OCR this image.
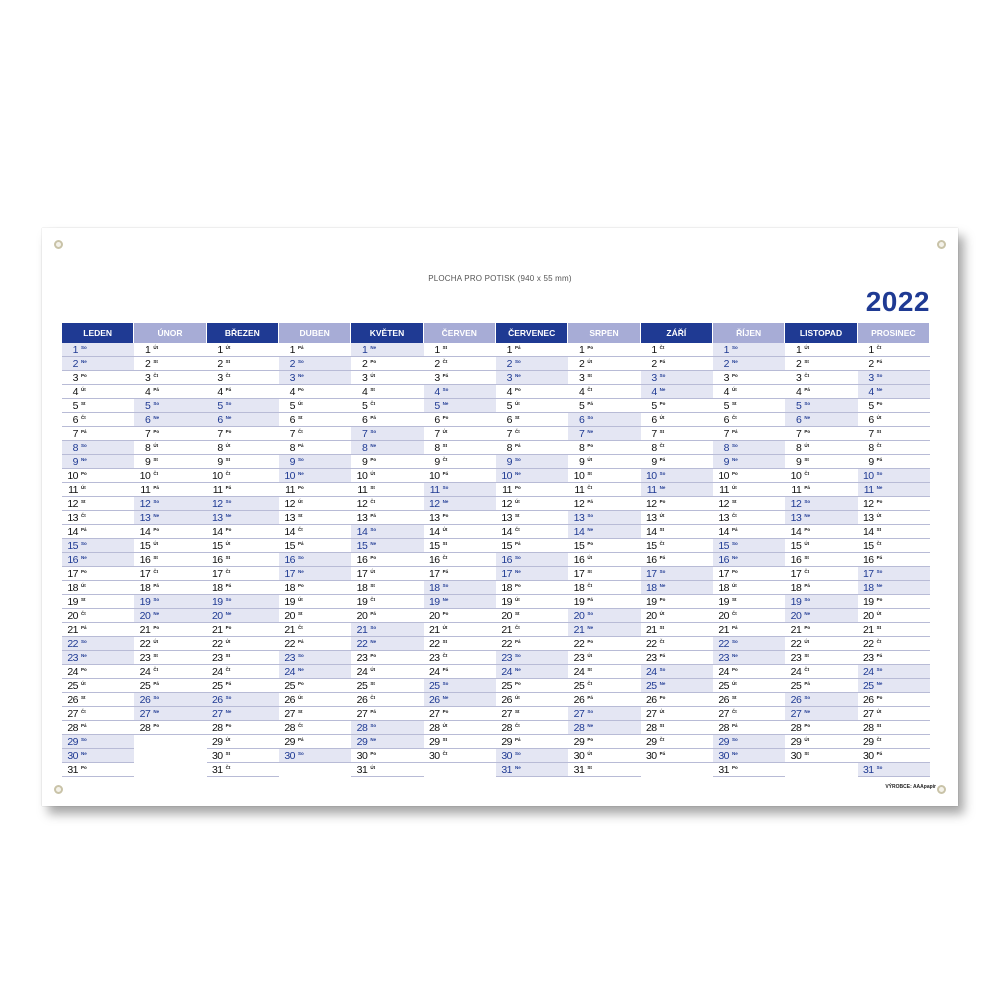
PLOCHA PRO POTISK (940 x 55 mm)
2022
LEDEN
1 So
2 Ne
3 Po
4 Út
5 St
6 Čt
7 Pá
8 So
9 Ne
10 Po
11 Út
12 St
13 Čt
14 Pá
15 So
16 Ne
17 Po
18 Út
19 St
20 Čt
21 Pá
22 So
23 Ne
24 Po
25 Út
26 St
27 Čt
28 Pá
29 So
30 Ne
31 Po
ÚNOR
1 Út
2 St
3 Čt
4 Pá
5 So
6 Ne
7 Po
8 Út
9 St
10 Čt
11 Pá
12 So
13 Ne
14 Po
15 Út
16 St
17 Čt
18 Pá
19 So
20 Ne
21 Po
22 Út
23 St
24 Čt
25 Pá
26 So
27 Ne
28 Po
BŘEZEN
1 Út
2 St
3 Čt
4 Pá
5 So
6 Ne
7 Po
8 Út
9 St
10 Čt
11 Pá
12 So
13 Ne
14 Po
15 Út
16 St
17 Čt
18 Pá
19 So
20 Ne
21 Po
22 Út
23 St
24 Čt
25 Pá
26 So
27 Ne
28 Po
29 Út
30 St
31 Čt
DUBEN
1 Pá
2 So
3 Ne
4 Po
5 Út
6 St
7 Čt
8 Pá
9 So
10 Ne
11 Po
12 Út
13 St
14 Čt
15 Pá
16 So
17 Ne
18 Po
19 Út
20 St
21 Čt
22 Pá
23 So
24 Ne
25 Po
26 Út
27 St
28 Čt
29 Pá
30 So
KVĚTEN
1 Ne
2 Po
3 Út
4 St
5 Čt
6 Pá
7 So
8 Ne
9 Po
10 Út
11 St
12 Čt
13 Pá
14 So
15 Ne
16 Po
17 Út
18 St
19 Čt
20 Pá
21 So
22 Ne
23 Po
24 Út
25 St
26 Čt
27 Pá
28 So
29 Ne
30 Po
31 Út
ČERVEN
1 St
2 Čt
3 Pá
4 So
5 Ne
6 Po
7 Út
8 St
9 Čt
10 Pá
11 So
12 Ne
13 Po
14 Út
15 St
16 Čt
17 Pá
18 So
19 Ne
20 Po
21 Út
22 St
23 Čt
24 Pá
25 So
26 Ne
27 Po
28 Út
29 St
30 Čt
ČERVENEC
1 Pá
2 So
3 Ne
4 Po
5 Út
6 St
7 Čt
8 Pá
9 So
10 Ne
11 Po
12 Út
13 St
14 Čt
15 Pá
16 So
17 Ne
18 Po
19 Út
20 St
21 Čt
22 Pá
23 So
24 Ne
25 Po
26 Út
27 St
28 Čt
29 Pá
30 So
31 Ne
SRPEN
1 Po
2 Út
3 St
4 Čt
5 Pá
6 So
7 Ne
8 Po
9 Út
10 St
11 Čt
12 Pá
13 So
14 Ne
15 Po
16 Út
17 St
18 Čt
19 Pá
20 So
21 Ne
22 Po
23 Út
24 St
25 Čt
26 Pá
27 So
28 Ne
29 Po
30 Út
31 St
ZÁŘÍ
1 Čt
2 Pá
3 So
4 Ne
5 Po
6 Út
7 St
8 Čt
9 Pá
10 So
11 Ne
12 Po
13 Út
14 St
15 Čt
16 Pá
17 So
18 Ne
19 Po
20 Út
21 St
22 Čt
23 Pá
24 So
25 Ne
26 Po
27 Út
28 St
29 Čt
30 Pá
ŘÍJEN
1 So
2 Ne
3 Po
4 Út
5 St
6 Čt
7 Pá
8 So
9 Ne
10 Po
11 Út
12 St
13 Čt
14 Pá
15 So
16 Ne
17 Po
18 Út
19 St
20 Čt
21 Pá
22 So
23 Ne
24 Po
25 Út
26 St
27 Čt
28 Pá
29 So
30 Ne
31 Po
LISTOPAD
1 Út
2 St
3 Čt
4 Pá
5 So
6 Ne
7 Po
8 Út
9 St
10 Čt
11 Pá
12 So
13 Ne
14 Po
15 Út
16 St
17 Čt
18 Pá
19 So
20 Ne
21 Po
22 Út
23 St
24 Čt
25 Pá
26 So
27 Ne
28 Po
29 Út
30 St
PROSINEC
1 Čt
2 Pá
3 So
4 Ne
5 Po
6 Út
7 St
8 Čt
9 Pá
10 So
11 Ne
12 Po
13 Út
14 St
15 Čt
16 Pá
17 So
18 Ne
19 Po
20 Út
21 St
22 Čt
23 Pá
24 So
25 Ne
26 Po
27 Út
28 St
29 Čt
30 Pá
31 So
VÝROBCE: AAApapír
